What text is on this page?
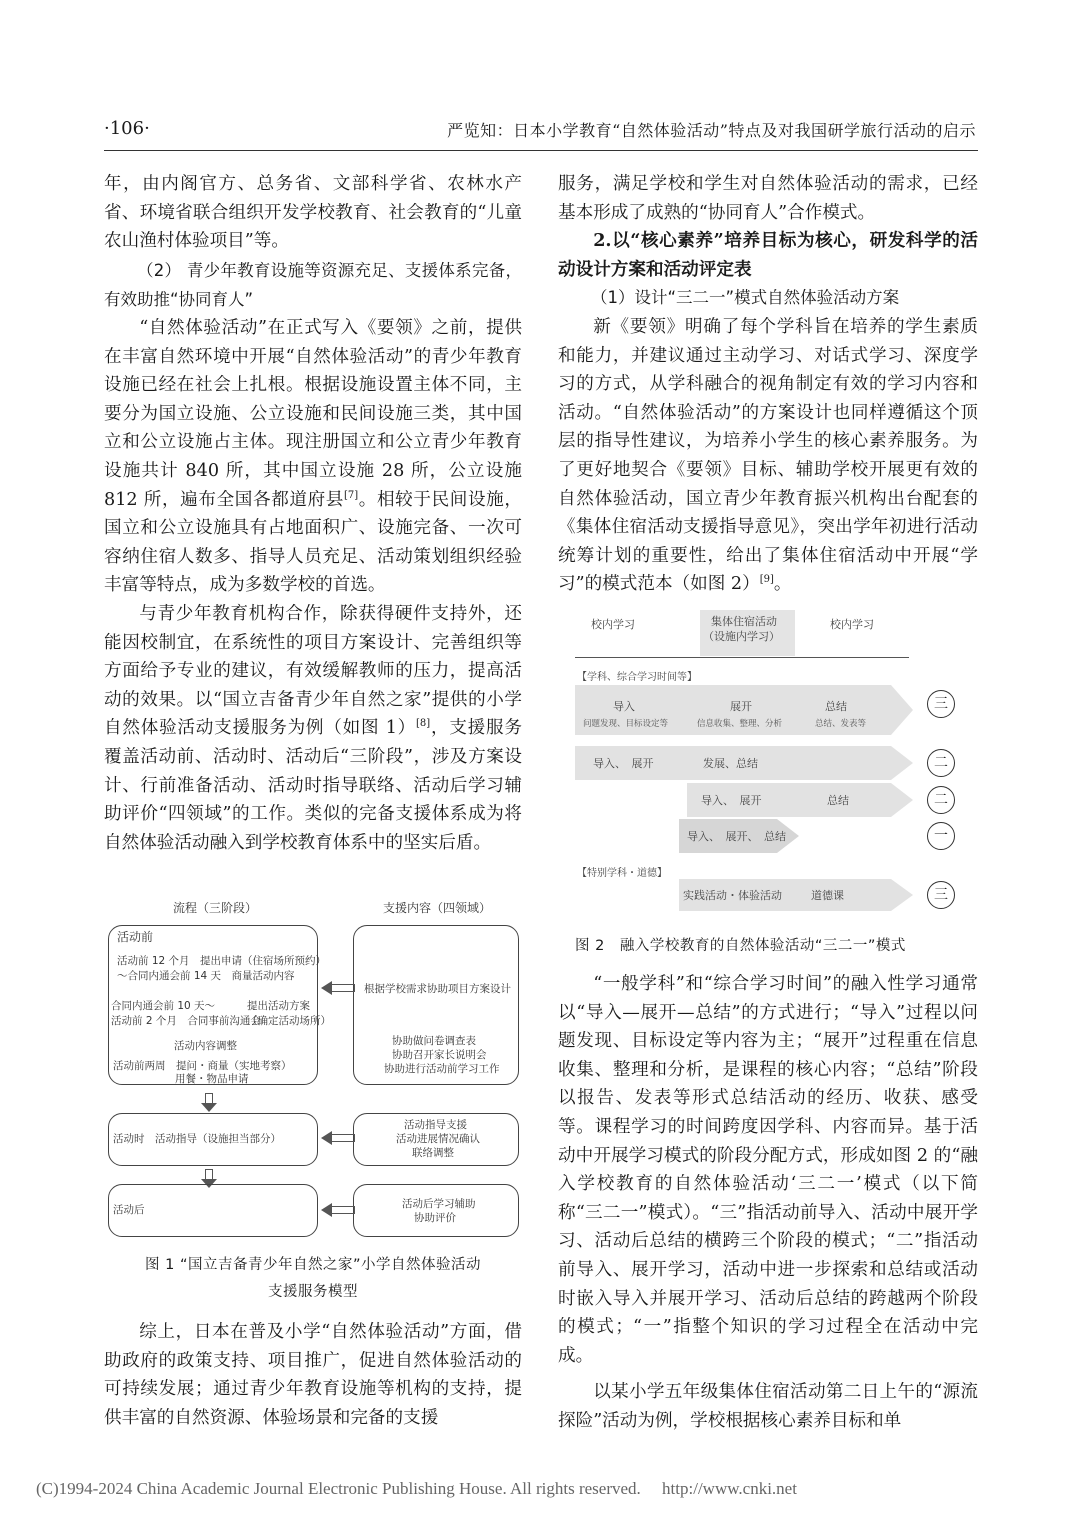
·106·	严览知：日本小学教育“自然体验活动”特点及对我国研学旅行活动的启示
年，由内阁官方、总务省、文部科学省、农林水产省、环境省联合组织开发学校教育、社会教育的“儿童农山渔村体验项目”等。
（2） 青少年教育设施等资源充足、支援体系完备，有效助推“协同育人”
“自然体验活动”在正式写入《要领》之前，提供在丰富自然环境中开展“自然体验活动”的青少年教育设施已经在社会上扎根。根据设施设置主体不同，主要分为国立设施、公立设施和民间设施三类，其中国立和公立设施占主体。现注册国立和公立青少年教育设施共计 840 所，其中国立设施 28 所，公立设施 812 所，遍布全国各都道府县[7]。相较于民间设施，国立和公立设施具有占地面积广、设施完备、一次可容纳住宿人数多、指导人员充足、活动策划组织经验丰富等特点，成为多数学校的首选。
与青少年教育机构合作，除获得硬件支持外，还能因校制宜，在系统性的项目方案设计、完善组织等方面给予专业的建议，有效缓解教师的压力，提高活动的效果。以“国立吉备青少年自然之家”提供的小学自然体验活动支援服务为例（如图 1）[8]，支援服务覆盖活动前、活动时、活动后“三阶段”，涉及方案设计、行前准备活动、活动时指导联络、活动后学习辅助评价“四领域”的工作。类似的完备支援体系成为将自然体验活动融入到学校教育体系中的坚实后盾。
流程（三阶段）	支援内容（四领域）
活动前
活动前 12 个月　提出申请（住宿场所预约）
～合同内通会前 14 天　商量活动内容
合同内通会前 10 天～	提出活动方案
活动前 2 个月　合同事前沟通会
（确定活动场所）
活动内容调整
活动前两周　提问・商量（实地考察）
用餐・物品申请
根据学校需求协助项目方案设计
协助做问卷调查表
协助召开家长说明会
协助进行活动前学习工作
活动时　活动指导（设施担当部分）
活动指导支援
活动进展情况确认
联络调整
活动后	活动后学习辅助
协助评价
图 1 “国立吉备青少年自然之家”小学自然体验活动
支援服务模型
综上，日本在普及小学“自然体验活动”方面，借助政府的政策支持、项目推广，促进自然体验活动的可持续发展；通过青少年教育设施等机构的支持，提供丰富的自然资源、体验场景和完备的支援
服务，满足学校和学生对自然体验活动的需求，已经基本形成了成熟的“协同育人”合作模式。
2.以“核心素养”培养目标为核心，研发科学的活动设计方案和活动评定表
（1）设计“三二一”模式自然体验活动方案
新《要领》明确了每个学科旨在培养的学生素质和能力，并建议通过主动学习、对话式学习、深度学习的方式，从学科融合的视角制定有效的学习内容和活动。“自然体验活动”的方案设计也同样遵循这个顶层的指导性建议，为培养小学生的核心素养服务。为了更好地契合《要领》目标、辅助学校开展更有效的自然体验活动，国立青少年教育振兴机构出台配套的《集体住宿活动支援指导意见》，突出学年初进行活动统筹计划的重要性，给出了集体住宿活动中开展“学习”的模式范本（如图 2）[9]。
校内学习	集体住宿活动
（设施内学习）
校内学习
【学科、综合学习时间等】
导入
问题发现、目标设定等
展开
信息收集、整理、分析
总结
总结、发表等
三
导入、　展开	发展、总结	二
导入、　展开	总结	二
导入、　展开、　总结	一
【特别学科・道德】
实践活动・体验活动	道德课	三
图 2　融入学校教育的自然体验活动“三二一”模式
“一般学科”和“综合学习时间”的融入性学习通常以“导入—展开—总结”的方式进行；“导入”过程以问题发现、目标设定等内容为主；“展开”过程重在信息收集、整理和分析，是课程的核心内容；“总结”阶段以报告、发表等形式总结活动的经历、收获、感受等。课程学习的时间跨度因学科、内容而异。基于活动中开展学习模式的阶段分配方式，形成如图 2 的“融入学校教育的自然体验活动‘三二一’模式（以下简称“三二一”模式）。“三”指活动前导入、活动中展开学习、活动后总结的横跨三个阶段的模式；“二”指活动前导入、展开学习，活动中进一步探索和总结或活动时嵌入导入并展开学习、活动后总结的跨越两个阶段的模式；“一”指整个知识的学习过程全在活动中完成。
以某小学五年级集体住宿活动第二日上午的“源流探险”活动为例，学校根据核心素养目标和单
(C)1994-2024 China Academic Journal Electronic Publishing House. All rights reserved.　 http://www.cnki.net
